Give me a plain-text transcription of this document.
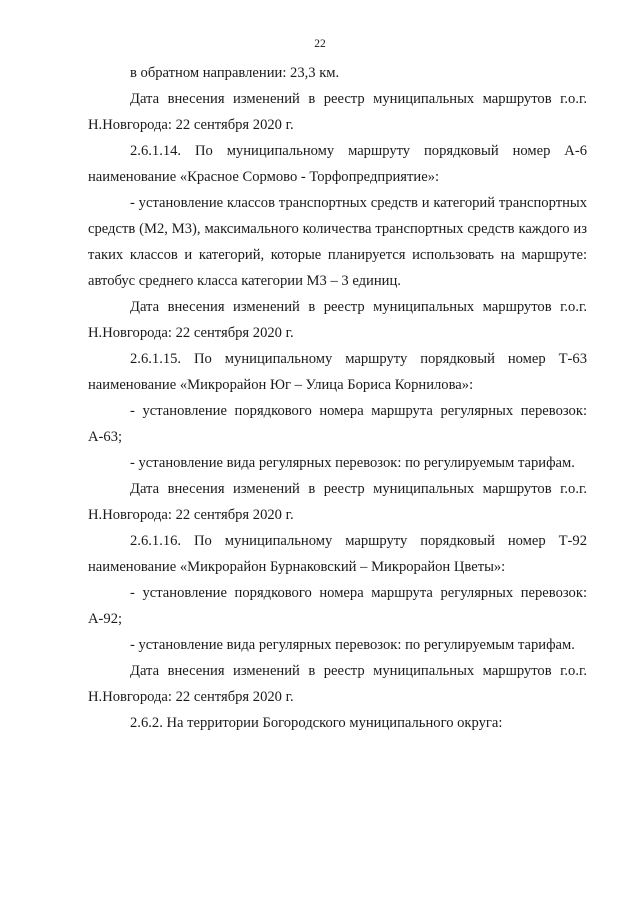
22

в обратном направлении: 23,3 км.

Дата внесения изменений в реестр муниципальных маршрутов г.о.г. Н.Новгорода: 22 сентября 2020 г.

2.6.1.14. По муниципальному маршруту порядковый номер А-6 наименование «Красное Сормово - Торфопредприятие»:

- установление классов транспортных средств и категорий транспортных средств (М2, М3), максимального количества транспортных средств каждого из таких классов и категорий, которые планируется использовать на маршруте: автобус среднего класса категории М3 – 3 единиц.

Дата внесения изменений в реестр муниципальных маршрутов г.о.г. Н.Новгорода: 22 сентября 2020 г.

2.6.1.15. По муниципальному маршруту порядковый номер Т-63 наименование «Микрорайон Юг – Улица Бориса Корнилова»:

- установление порядкового номера маршрута регулярных перевозок: А-63;

- установление вида регулярных перевозок: по регулируемым тарифам.

Дата внесения изменений в реестр муниципальных маршрутов г.о.г. Н.Новгорода: 22 сентября 2020 г.

2.6.1.16. По муниципальному маршруту порядковый номер Т-92 наименование «Микрорайон Бурнаковский – Микрорайон Цветы»:

- установление порядкового номера маршрута регулярных перевозок: А-92;

- установление вида регулярных перевозок: по регулируемым тарифам.

Дата внесения изменений в реестр муниципальных маршрутов г.о.г. Н.Новгорода: 22 сентября 2020 г.

2.6.2. На территории Богородского муниципального округа:
